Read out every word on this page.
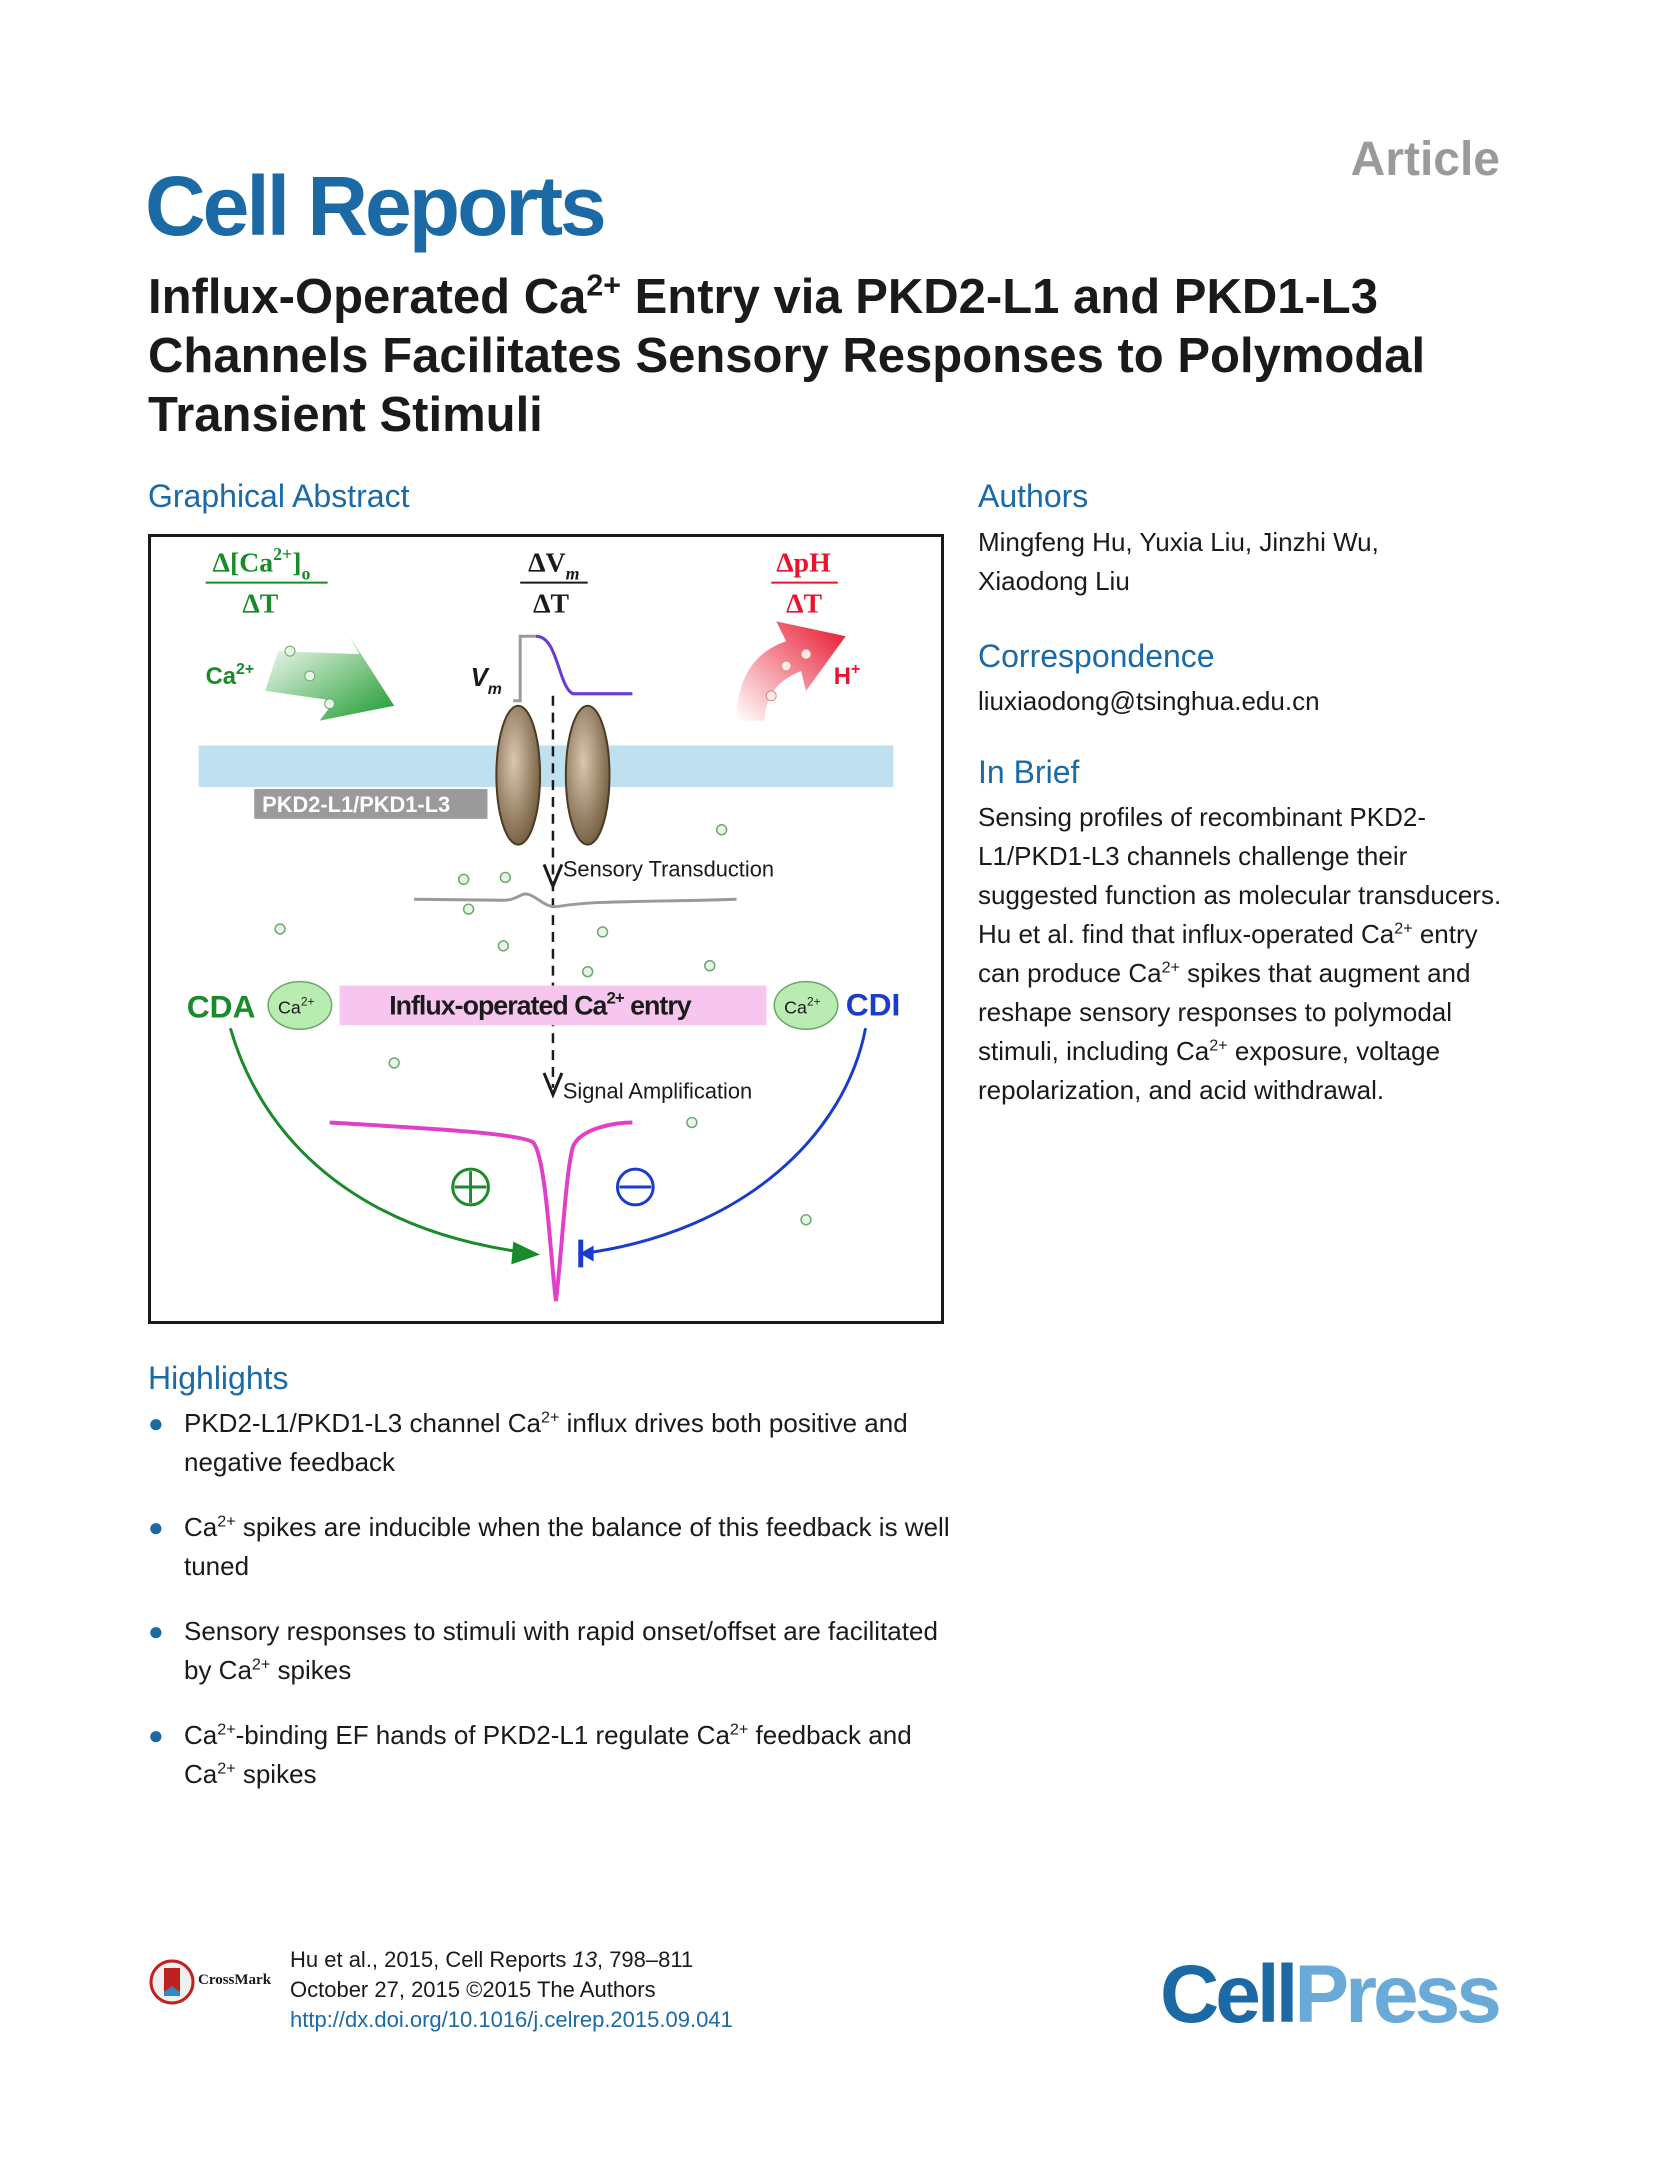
Article
Cell Reports
Influx-Operated $Ca^{2+}$ Entry via PKD2-L1 and PKD1-L3 Channels Facilitates Sensory Responses to Polymodal Transient Stimuli
Graphical Abstract
$\Delta[Ca^{2+}]_o$
ΔT
$\Delta V_m$
ΔT
ΔpH
ΔT
$Ca^{2+}$	$V_m$	H+
PKD2-L1/PKD1-L3
Sensory Transduction
Influx-operated $Ca^{2+}$ entry
$Ca^{2+}$	$Ca^{2+}$
CDA	CDI
Signal Amplification
Authors
Mingfeng Hu, Yuxia Liu, Jinzhi Wu,
Xiaodong Liu
Correspondence
liuxiaodong@tsinghua.edu.cn
In Brief
Sensing profiles of recombinant PKD2-L1/PKD1-L3 channels challenge their suggested function as molecular transducers. Hu et al. find that influx-operated $Ca^{2+}$ entry can produce $Ca^{2+}$ spikes that augment and reshape sensory responses to polymodal stimuli, including $Ca^{2+}$ exposure, voltage repolarization, and acid withdrawal.
Highlights
● PKD2-L1/PKD1-L3 channel $Ca^{2+}$ influx drives both positive and negative feedback
● $Ca^{2+}$ spikes are inducible when the balance of this feedback is well tuned
● Sensory responses to stimuli with rapid onset/offset are facilitated by $Ca^{2+}$ spikes
● $Ca^{2+}$-binding EF hands of PKD2-L1 regulate $Ca^{2+}$ feedback and $Ca^{2+}$ spikes
CrossMark
Hu et al., 2015, Cell Reports 13, 798–811
October 27, 2015 ©2015 The Authors
http://dx.doi.org/10.1016/j.celrep.2015.09.041	CellPress
